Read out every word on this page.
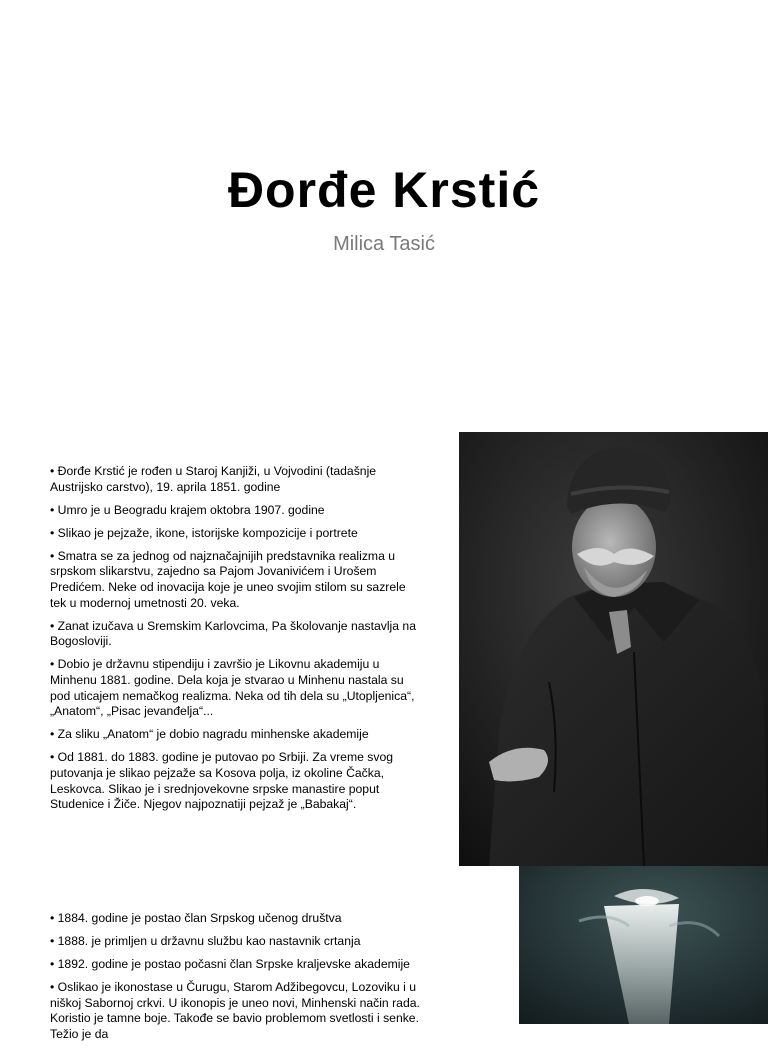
Đorđe Krstić
Milica Tasić
• Đorđe Krstić je rođen u Staroj Kanjiži, u Vojvodini (tadašnje Austrijsko carstvo), 19. aprila 1851. godine
• Umro je u Beogradu krajem oktobra 1907. godine
• Slikao je pejzaže, ikone, istorijske kompozicije i portrete
• Smatra se za jednog od najznačajnijih predstavnika realizma u srpskom slikarstvu, zajedno sa Pajom Jovanivićem i Urošem Predićem. Neke od inovacija koje je uneo svojim stilom su sazrele tek u modernoj umetnosti 20. veka.
• Zanat izučava u Sremskim Karlovcima, Pa školovanje nastavlja na Bogosloviji.
• Dobio je državnu stipendiju i završio je Likovnu akademiju u Minhenu 1881. godine. Dela koja je stvarao u Minhenu nastala su pod uticajem nemačkog realizma. Neka od tih dela su „Utopljenica“, „Anatom“, „Pisac jevanđelja“...
• Za sliku „Anatom“ je dobio nagradu minhenske akademije
• Od 1881. do 1883. godine je putovao po Srbiji. Za vreme svog putovanja je slikao pejzaže sa Kosova polja, iz okoline Čačka, Leskovca. Slikao je i srednjovekovne srpske manastire poput Studenice i Žiče. Njegov najpoznatiji pejzaž je „Babakaj“.
• 1884. godine je postao član Srpskog učenog društva
• 1888. je primljen u državnu službu kao nastavnik crtanja
• 1892. godine je postao počasni član Srpske kraljevske akademije
• Oslikao je ikonostase u Čurugu, Starom Adžibegovcu, Lozoviku i u niškoj Sabornoj crkvi. U ikonopis je uneo novi, Minhenski način rada. Koristio je tamne boje. Takođe se bavio problemom svetlosti i senke. Težio je da
